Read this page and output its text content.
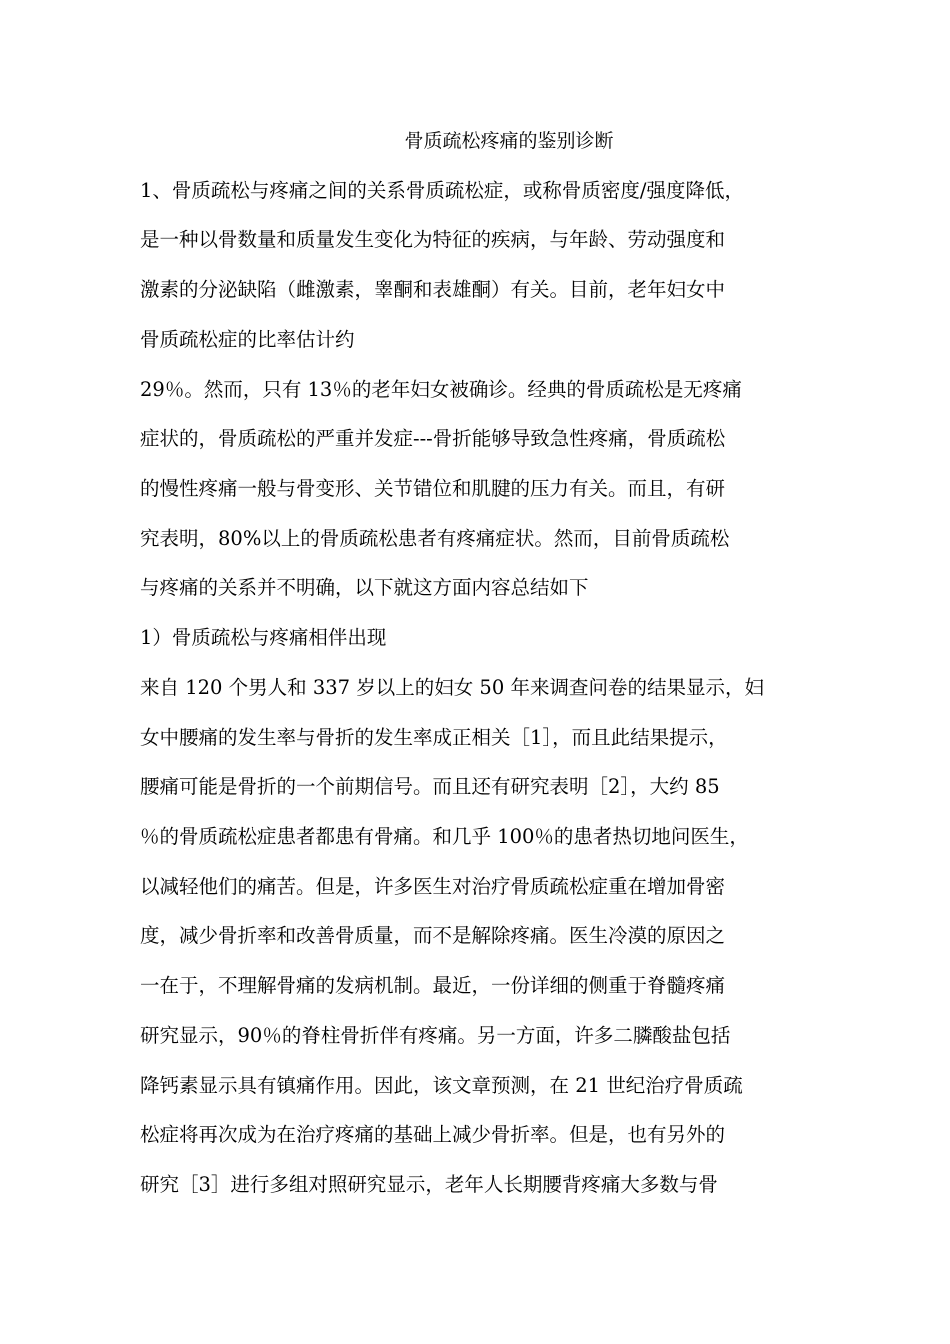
骨质疏松疼痛的鉴别诊断
1、骨质疏松与疼痛之间的关系骨质疏松症，或称骨质密度/强度降低，
是一种以骨数量和质量发生变化为特征的疾病，与年龄、劳动强度和
激素的分泌缺陷（雌激素，睾酮和表雄酮）有关。目前，老年妇女中
骨质疏松症的比率估计约
29％。然而，只有 13％的老年妇女被确诊。经典的骨质疏松是无疼痛
症状的，骨质疏松的严重并发症---骨折能够导致急性疼痛，骨质疏松
的慢性疼痛一般与骨变形、关节错位和肌腱的压力有关。而且，有研
究表明，80%以上的骨质疏松患者有疼痛症状。然而，目前骨质疏松
与疼痛的关系并不明确，以下就这方面内容总结如下
1）骨质疏松与疼痛相伴出现
来自 120 个男人和 337 岁以上的妇女 50 年来调查问卷的结果显示，妇
女中腰痛的发生率与骨折的发生率成正相关［1］，而且此结果提示，
腰痛可能是骨折的一个前期信号。而且还有研究表明［2］，大约 85
％的骨质疏松症患者都患有骨痛。和几乎 100％的患者热切地问医生，
以减轻他们的痛苦。但是，许多医生对治疗骨质疏松症重在增加骨密
度，减少骨折率和改善骨质量，而不是解除疼痛。医生冷漠的原因之
一在于，不理解骨痛的发病机制。最近，一份详细的侧重于脊髓疼痛
研究显示，90％的脊柱骨折伴有疼痛。另一方面，许多二膦酸盐包括
降钙素显示具有镇痛作用。因此，该文章预测，在 21 世纪治疗骨质疏
松症将再次成为在治疗疼痛的基础上减少骨折率。但是，也有另外的
研究［3］进行多组对照研究显示，老年人长期腰背疼痛大多数与骨
